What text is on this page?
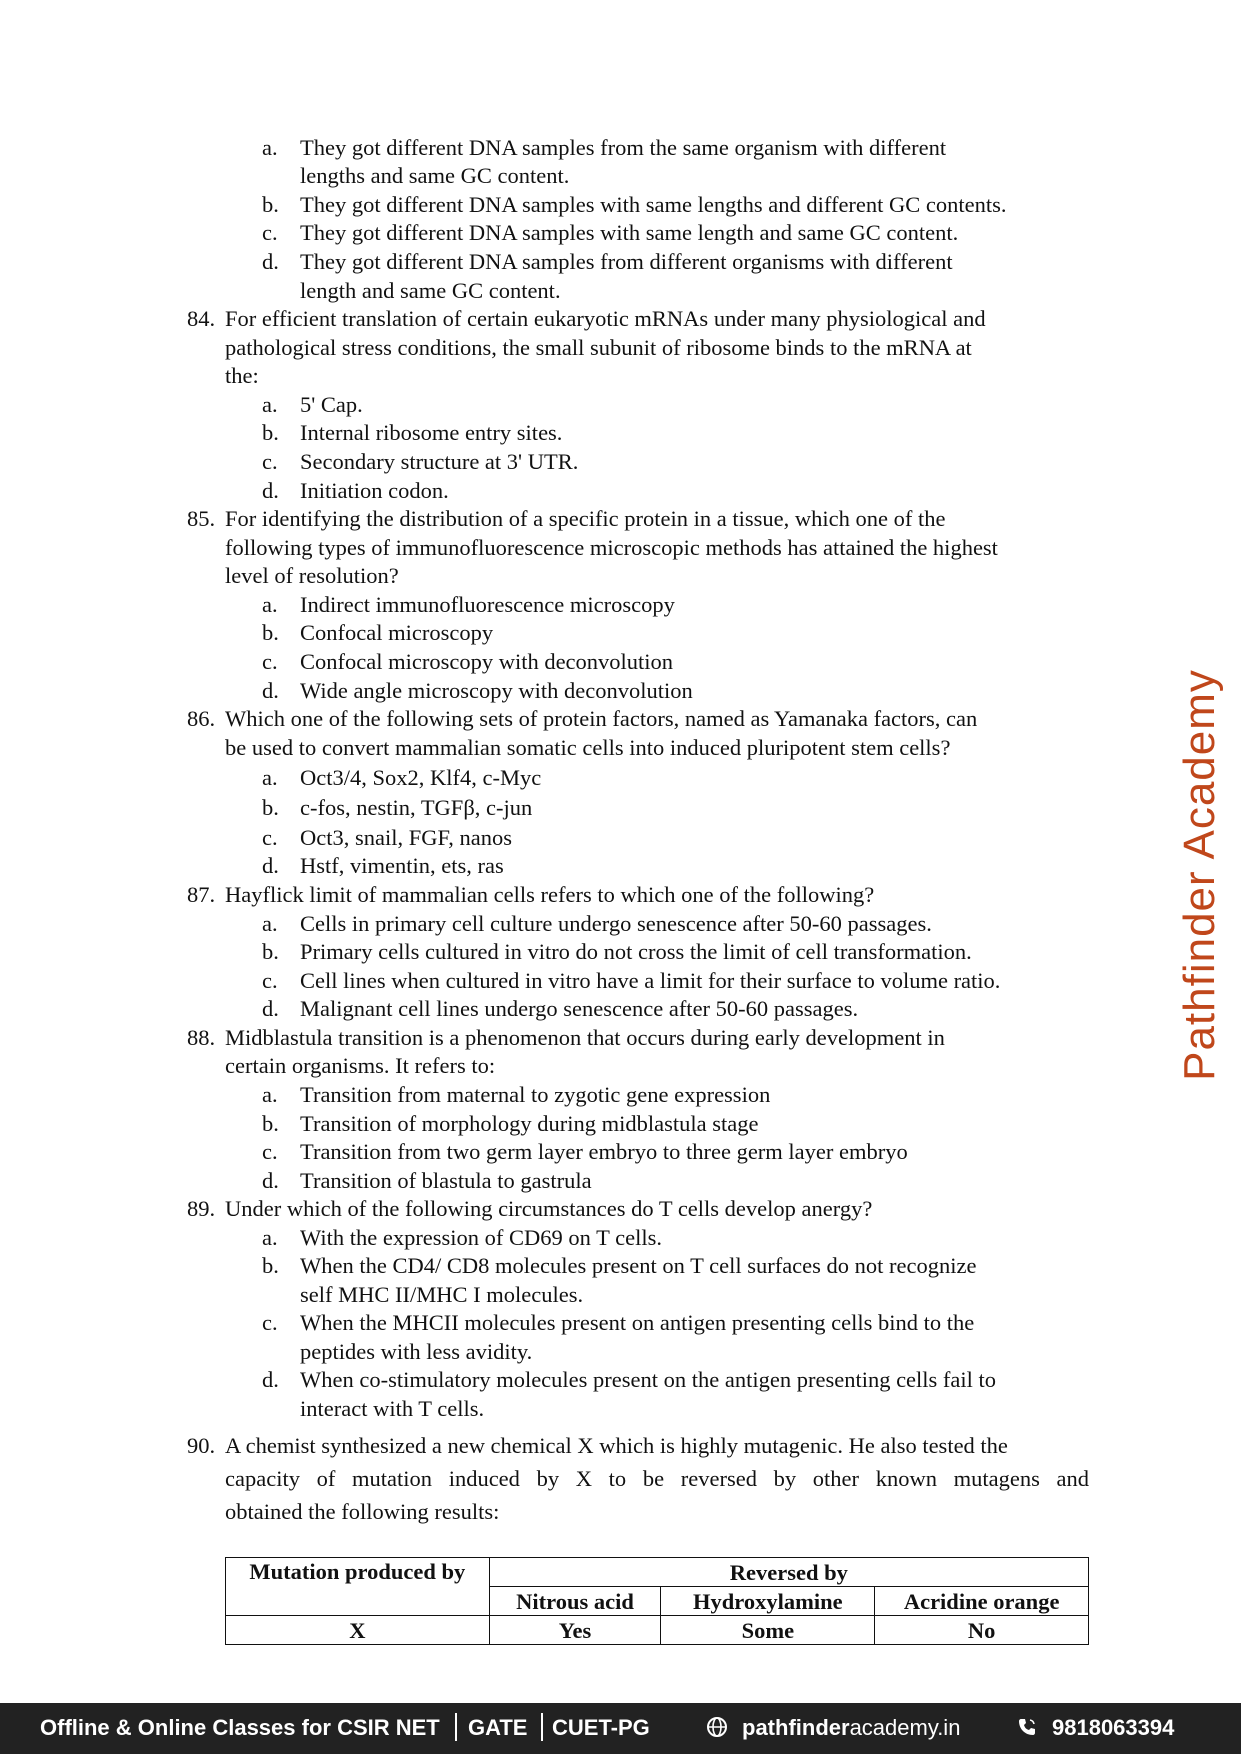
a. They got different DNA samples from the same organism with different
lengths and same GC content.
b. They got different DNA samples with same lengths and different GC contents.
c. They got different DNA samples with same length and same GC content.
d. They got different DNA samples from different organisms with different
length and same GC content.
84. For efficient translation of certain eukaryotic mRNAs under many physiological and
pathological stress conditions, the small subunit of ribosome binds to the mRNA at
the:
a. 5' Cap.
b. Internal ribosome entry sites.
c. Secondary structure at 3' UTR.
d. Initiation codon.
85. For identifying the distribution of a specific protein in a tissue, which one of the
following types of immunofluorescence microscopic methods has attained the highest
level of resolution?
a. Indirect immunofluorescence microscopy
b. Confocal microscopy
c. Confocal microscopy with deconvolution
d. Wide angle microscopy with deconvolution
86. Which one of the following sets of protein factors, named as Yamanaka factors, can
be used to convert mammalian somatic cells into induced pluripotent stem cells?
a. Oct3/4, Sox2, Klf4, c-Myc
b. c-fos, nestin, TGFβ, c-jun
c. Oct3, snail, FGF, nanos
d. Hstf, vimentin, ets, ras
87. Hayflick limit of mammalian cells refers to which one of the following?
a. Cells in primary cell culture undergo senescence after 50-60 passages.
b. Primary cells cultured in vitro do not cross the limit of cell transformation.
c. Cell lines when cultured in vitro have a limit for their surface to volume ratio.
d. Malignant cell lines undergo senescence after 50-60 passages.
88. Midblastula transition is a phenomenon that occurs during early development in
certain organisms. It refers to:
a. Transition from maternal to zygotic gene expression
b. Transition of morphology during midblastula stage
c. Transition from two germ layer embryo to three germ layer embryo
d. Transition of blastula to gastrula
89. Under which of the following circumstances do T cells develop anergy?
a. With the expression of CD69 on T cells.
b. When the CD4/ CD8 molecules present on T cell surfaces do not recognize
self MHC II/MHC I molecules.
c. When the MHCII molecules present on antigen presenting cells bind to the
peptides with less avidity.
d. When co-stimulatory molecules present on the antigen presenting cells fail to
interact with T cells.
90. A chemist synthesized a new chemical X which is highly mutagenic. He also tested the
capacity of mutation induced by X to be reversed by other known mutagens and
obtained the following results:
Mutation produced by	Reversed by		
	Nitrous acid	Hydroxylamine	Acridine orange
X	Yes	Some	No
Pathfinder Academy
Offline & Online Classes for CSIR NET GATE CUET-PG	pathfinderacademy.in	9818063394
